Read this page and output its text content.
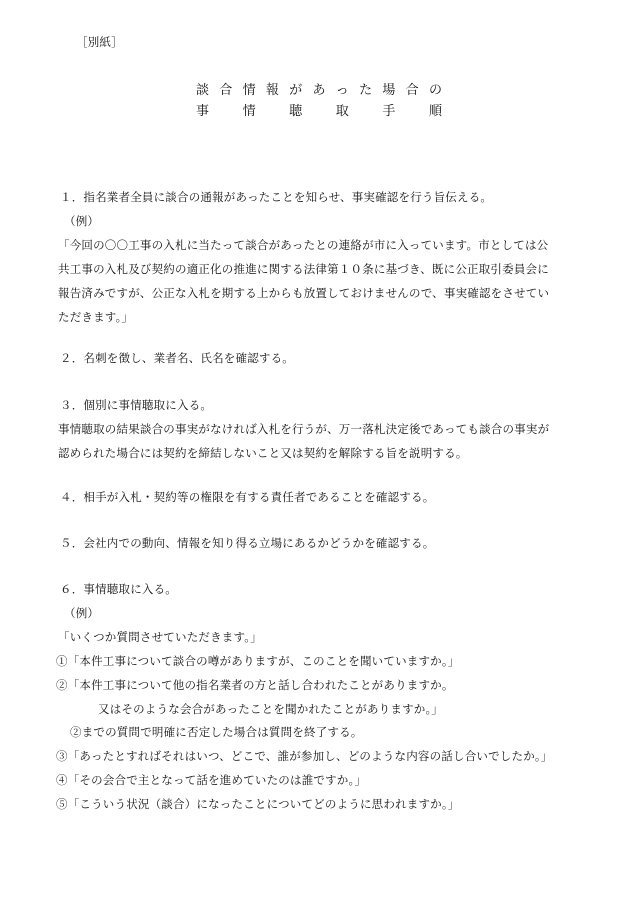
［別紙］
談 合 情 報 が あ っ た 場 合 の
事	情	聴	取	手	順
１．指名業者全員に談合の通報があったことを知らせ、事実確認を行う旨伝える。
（例）
「今回の〇〇工事の入札に当たって談合があったとの連絡が市に入っています。市としては公
共工事の入札及び契約の適正化の推進に関する法律第１０条に基づき、既に公正取引委員会に
報告済みですが、公正な入札を期する上からも放置しておけませんので、事実確認をさせてい
ただきます。」
２．名刺を徴し、業者名、氏名を確認する。
３．個別に事情聴取に入る。
事情聴取の結果談合の事実がなければ入札を行うが、万一落札決定後であっても談合の事実が
認められた場合には契約を締結しないこと又は契約を解除する旨を説明する。
４．相手が入札・契約等の権限を有する責任者であることを確認する。
５．会社内での動向、情報を知り得る立場にあるかどうかを確認する。
６．事情聴取に入る。
（例）
「いくつか質問させていただきます。」
①「本件工事について談合の噂がありますが、このことを聞いていますか。」
②「本件工事について他の指名業者の方と話し合われたことがありますか。
又はそのような会合があったことを聞かれたことがありますか。」
②までの質問で明確に否定した場合は質問を終了する。
③「あったとすればそれはいつ、どこで、誰が参加し、どのような内容の話し合いでしたか。」
④「その会合で主となって話を進めていたのは誰ですか。」
⑤「こういう状況（談合）になったことについてどのように思われますか。」
